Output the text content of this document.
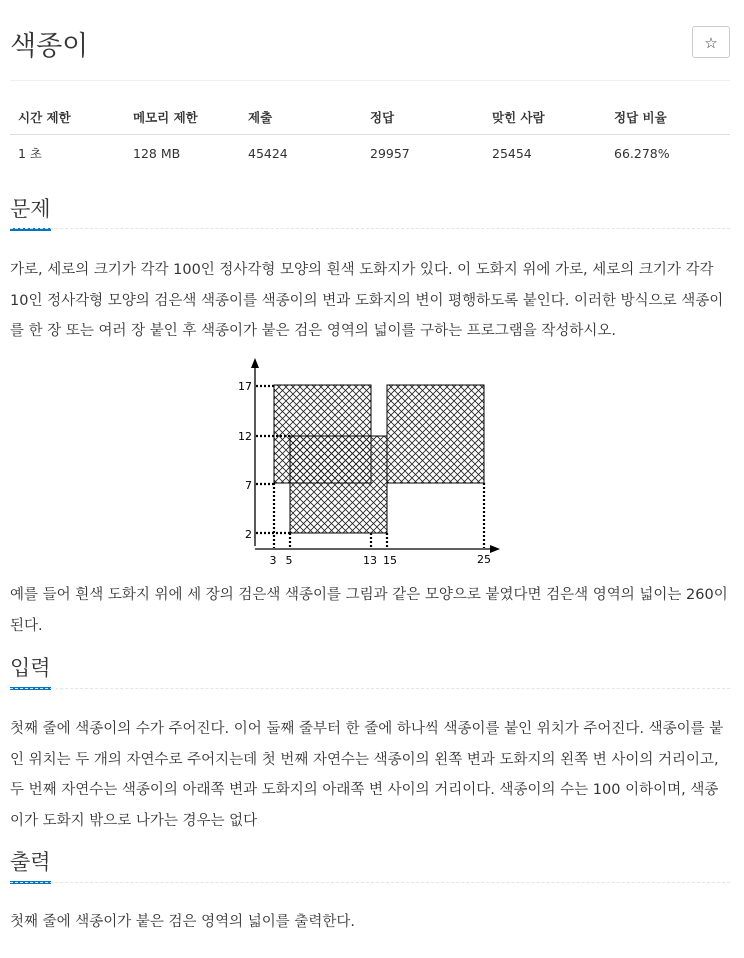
색종이	☆
시간 제한	메모리 제한	제출	정답	맞힌 사람	정답 비율
1 초	128 MB	45424	29957	25454	66.278%
문제

가로, 세로의 크기가 각각 100인 정사각형 모양의 흰색 도화지가 있다. 이 도화지 위에 가로, 세로의 크기가 각각 10인 정사각형 모양의 검은색 색종이를 색종이의 변과 도화지의 변이 평행하도록 붙인다. 이러한 방식으로 색종이를 한 장 또는 여러 장 붙인 후 색종이가 붙은 검은 영역의 넓이를 구하는 프로그램을 작성하시오.

17
12
7
2
3 5	13 15	25

예를 들어 흰색 도화지 위에 세 장의 검은색 색종이를 그림과 같은 모양으로 붙였다면 검은색 영역의 넓이는 260이 된다.

입력

첫째 줄에 색종이의 수가 주어진다. 이어 둘째 줄부터 한 줄에 하나씩 색종이를 붙인 위치가 주어진다. 색종이를 붙인 위치는 두 개의 자연수로 주어지는데 첫 번째 자연수는 색종이의 왼쪽 변과 도화지의 왼쪽 변 사이의 거리이고, 두 번째 자연수는 색종이의 아래쪽 변과 도화지의 아래쪽 변 사이의 거리이다. 색종이의 수는 100 이하이며, 색종이가 도화지 밖으로 나가는 경우는 없다

출력

첫째 줄에 색종이가 붙은 검은 영역의 넓이를 출력한다.
